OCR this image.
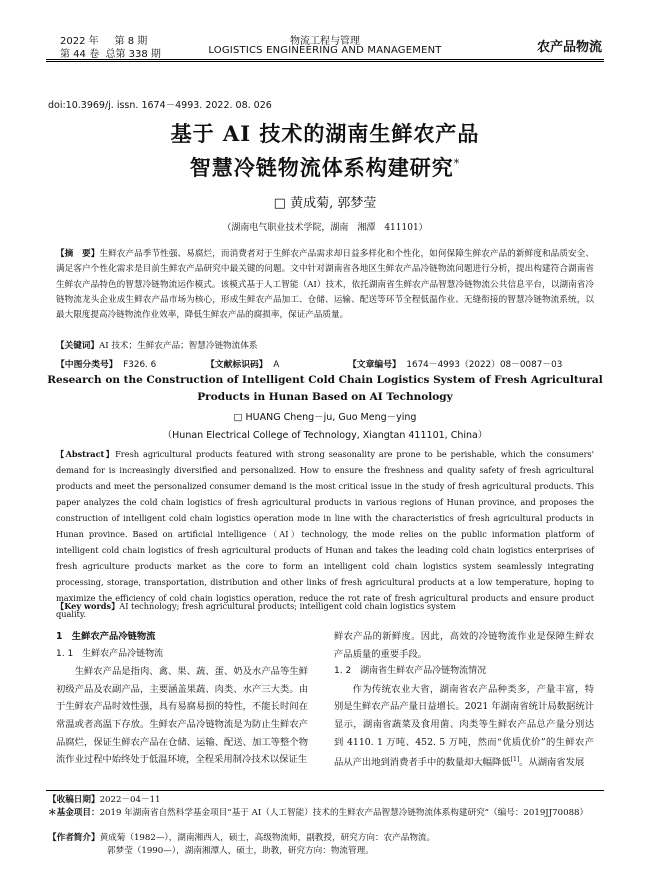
2022 年 第 8 期
第 44 卷 总第 338 期
物流工程与管理
LOGISTICS ENGINEERING AND MANAGEMENT	农产品物流
doi:10.3969/j. issn. 1674－4993. 2022. 08. 026
基于 AI 技术的湖南生鲜农产品
智慧冷链物流体系构建研究*
□ 黄成菊, 郭梦莹
（湖南电气职业技术学院，湖南　湘潭　411101）
【摘　要】生鲜农产品季节性强、易腐烂，而消费者对于生鲜农产品需求却日益多样化和个性化，如何保障生鲜农产品的新鲜度和品质安全、满足客户个性化需求是目前生鲜农产品研究中最关键的问题。文中针对湖南省各地区生鲜农产品冷链物流问题进行分析，提出构建符合湖南省生鲜农产品特色的智慧冷链物流运作模式。该模式基于人工智能（AI）技术，依托湖南省生鲜农产品智慧冷链物流公共信息平台，以湖南省冷链物流龙头企业成生鲜农产品市场为核心，形成生鲜农产品加工、仓储、运输、配送等环节全程低温作业、无缝衔接的智慧冷链物流系统，以最大限度提高冷链物流作业效率，降低生鲜农产品的腐损率，保证产品质量。
【关键词】AI 技术；生鲜农产品；智慧冷链物流体系
【中图分类号】 F326. 6	【文献标识码】 A	【文章编号】 1674－4993（2022）08－0087－03
Research on the Construction of Intelligent Cold Chain Logistics System of Fresh Agricultural
Products in Hunan Based on AI Technology
□ HUANG Cheng－ju, Guo Meng－ying
（Hunan Electrical College of Technology, Xiangtan 411101, China）
【Abstract】Fresh agricultural products featured with strong seasonality are prone to be perishable, which the consumers' demand for is increasingly diversified and personalized. How to ensure the freshness and quality safety of fresh agricultural products and meet the personalized consumer demand is the most critical issue in the study of fresh agricultural products. This paper analyzes the cold chain logistics of fresh agricultural products in various regions of Hunan province, and proposes the construction of intelligent cold chain logistics operation mode in line with the characteristics of fresh agricultural products in Hunan province. Based on artificial intelligence（AI）technology, the mode relies on the public information platform of intelligent cold chain logistics of fresh agricultural products of Hunan and takes the leading cold chain logistics enterprises of fresh agriculture products market as the core to form an intelligent cold chain logistics system seamlessly integrating processing, storage, transportation, distribution and other links of fresh agricultural products at a low temperature, hoping to maximize the efficiency of cold chain logistics operation, reduce the rot rate of fresh agricultural products and ensure product quality.
【Key words】AI technology; fresh agricultural products; intelligent cold chain logistics system
1　生鲜农产品冷链物流
1. 1　生鲜农产品冷链物流

生鲜农产品是指肉、禽、果、蔬、蛋、奶及水产品等生鲜初级产品及农副产品，主要涵盖果蔬、肉类、水产三大类。由于生鲜农产品时效性强，具有易腐易损的特性，不能长时间在常温或者高温下存放。生鲜农产品冷链物流是为防止生鲜农产品腐烂，保证生鲜农产品在仓储、运输、配送、加工等整个物流作业过程中始终处于低温环境，全程采用制冷技术以保证生

鲜农产品的新鲜度。因此，高效的冷链物流作业是保障生鲜农产品质量的重要手段。

1. 2　湖南省生鲜农产品冷链物流情况

作为传统农业大省，湖南省农产品种类多，产量丰富，特别是生鲜农产品产量日益增长。2021 年湖南省统计局数据统计显示，湖南省蔬菜及食用菌、肉类等生鲜农产品总产量分别达到 4110. 1 万吨、452. 5 万吨，然而“优质优价”的生鲜农产品从产出地到消费者手中的数量却大幅降低[1]。从湖南省发展

【收稿日期】2022－04－11
＊基金项目：2019 年湖南省自然科学基金项目“基于 AI（人工智能）技术的生鲜农产品智慧冷链物流体系构建研究”（编号：2019JJ70088）
【作者简介】黄成菊（1982—），湖南湘西人，硕士，高级物流师，副教授，研究方向：农产品物流。
郭梦莹（1990—），湖南湘潭人，硕士，助教，研究方向：物流管理。
